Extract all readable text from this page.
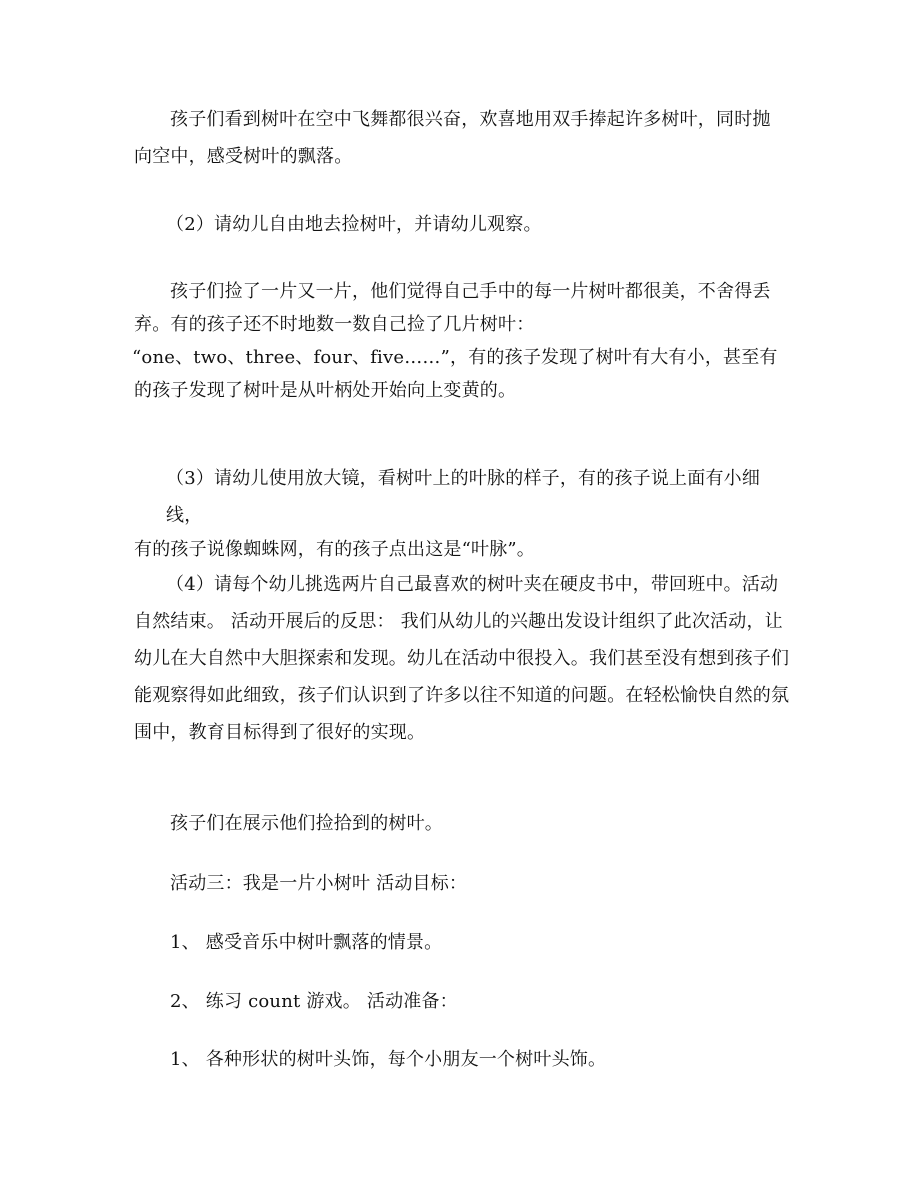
孩子们看到树叶在空中飞舞都很兴奋，欢喜地用双手捧起许多树叶，同时抛
向空中，感受树叶的飘落。

（2）请幼儿自由地去捡树叶，并请幼儿观察。

孩子们捡了一片又一片，他们觉得自己手中的每一片树叶都很美，不舍得丢
弃。有的孩子还不时地数一数自己捡了几片树叶：
“one、two、three、four、five……”，有的孩子发现了树叶有大有小，甚至有
的孩子发现了树叶是从叶柄处开始向上变黄的。

（3）请幼儿使用放大镜，看树叶上的叶脉的样子，有的孩子说上面有小细线，
有的孩子说像蜘蛛网，有的孩子点出这是“叶脉”。

（4）请每个幼儿挑选两片自己最喜欢的树叶夹在硬皮书中，带回班中。活动
自然结束。 活动开展后的反思： 我们从幼儿的兴趣出发设计组织了此次活动，让
幼儿在大自然中大胆探索和发现。幼儿在活动中很投入。我们甚至没有想到孩子们
能观察得如此细致，孩子们认识到了许多以往不知道的问题。在轻松愉快自然的氛
围中，教育目标得到了很好的实现。

孩子们在展示他们捡拾到的树叶。

活动三：我是一片小树叶 活动目标：

1、 感受音乐中树叶飘落的情景。

2、 练习 count 游戏。 活动准备：

1、 各种形状的树叶头饰，每个小朋友一个树叶头饰。
